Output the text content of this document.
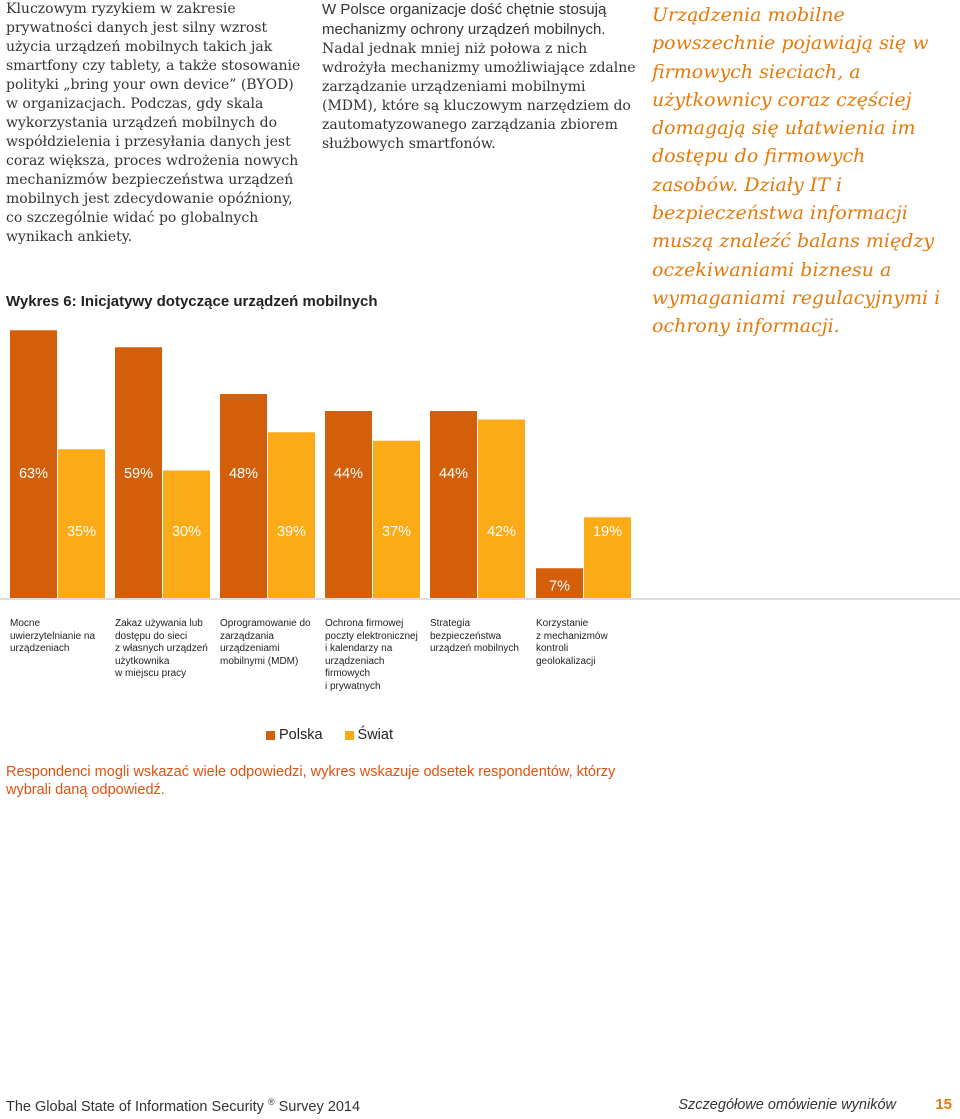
Kluczowym ryzykiem w zakresie prywatności danych jest silny wzrost użycia urządzeń mobilnych takich jak smartfony czy tablety, a także stosowanie polityki „bring your own device” (BYOD) w organizacjach. Podczas, gdy skala wykorzystania urządzeń mobilnych do współdzielenia i przesyłania danych jest coraz większa, proces wdrożenia nowych mechanizmów bezpieczeństwa urządzeń mobilnych jest zdecydowanie opóźniony, co szczególnie widać po globalnych wynikach ankiety.
W Polsce organizacje dość chętnie stosują mechanizmy ochrony urządzeń mobilnych. Nadal jednak mniej niż połowa z nich wdrożyła mechanizmy umożliwiające zdalne zarządzanie urządzeniami mobilnymi (MDM), które są kluczowym narzędziem do zautomatyzowanego zarządzania zbiorem służbowych smartfonów.
Urządzenia mobilne powszechnie pojawiają się w firmowych sieciach, a użytkownicy coraz częściej domagają się ułatwienia im dostępu do firmowych zasobów. Działy IT i bezpieczeństwa informacji muszą znaleźć balans między oczekiwaniami biznesu a wymaganiami regulacyjnymi i ochrony informacji.
Wykres 6: Inicjatywy dotyczące urządzeń mobilnych
63%
35%
59%
30%
48%
39%
44%
37%
44%
42%
7%
19%
Mocne
uwierzytelnianie na
urządzeniach
Zakaz używania lub
dostępu do sieci
z własnych urządzeń
użytkownika
w miejscu pracy
Oprogramowanie do
zarządzania
urządzeniami
mobilnymi (MDM)
Ochrona firmowej
poczty elektronicznej
i kalendarzy na
urządzeniach
firmowych
i prywatnych
Strategia
bezpieczeństwa
urządzeń mobilnych
Korzystanie
z mechanizmów
kontroli
geolokalizacji
Polska Świat
Respondenci mogli wskazać wiele odpowiedzi, wykres wskazuje odsetek respondentów, którzy wybrali daną odpowiedź.
The Global State of Information Security ® Survey 2014	Szczegółowe omówienie wyników	15
